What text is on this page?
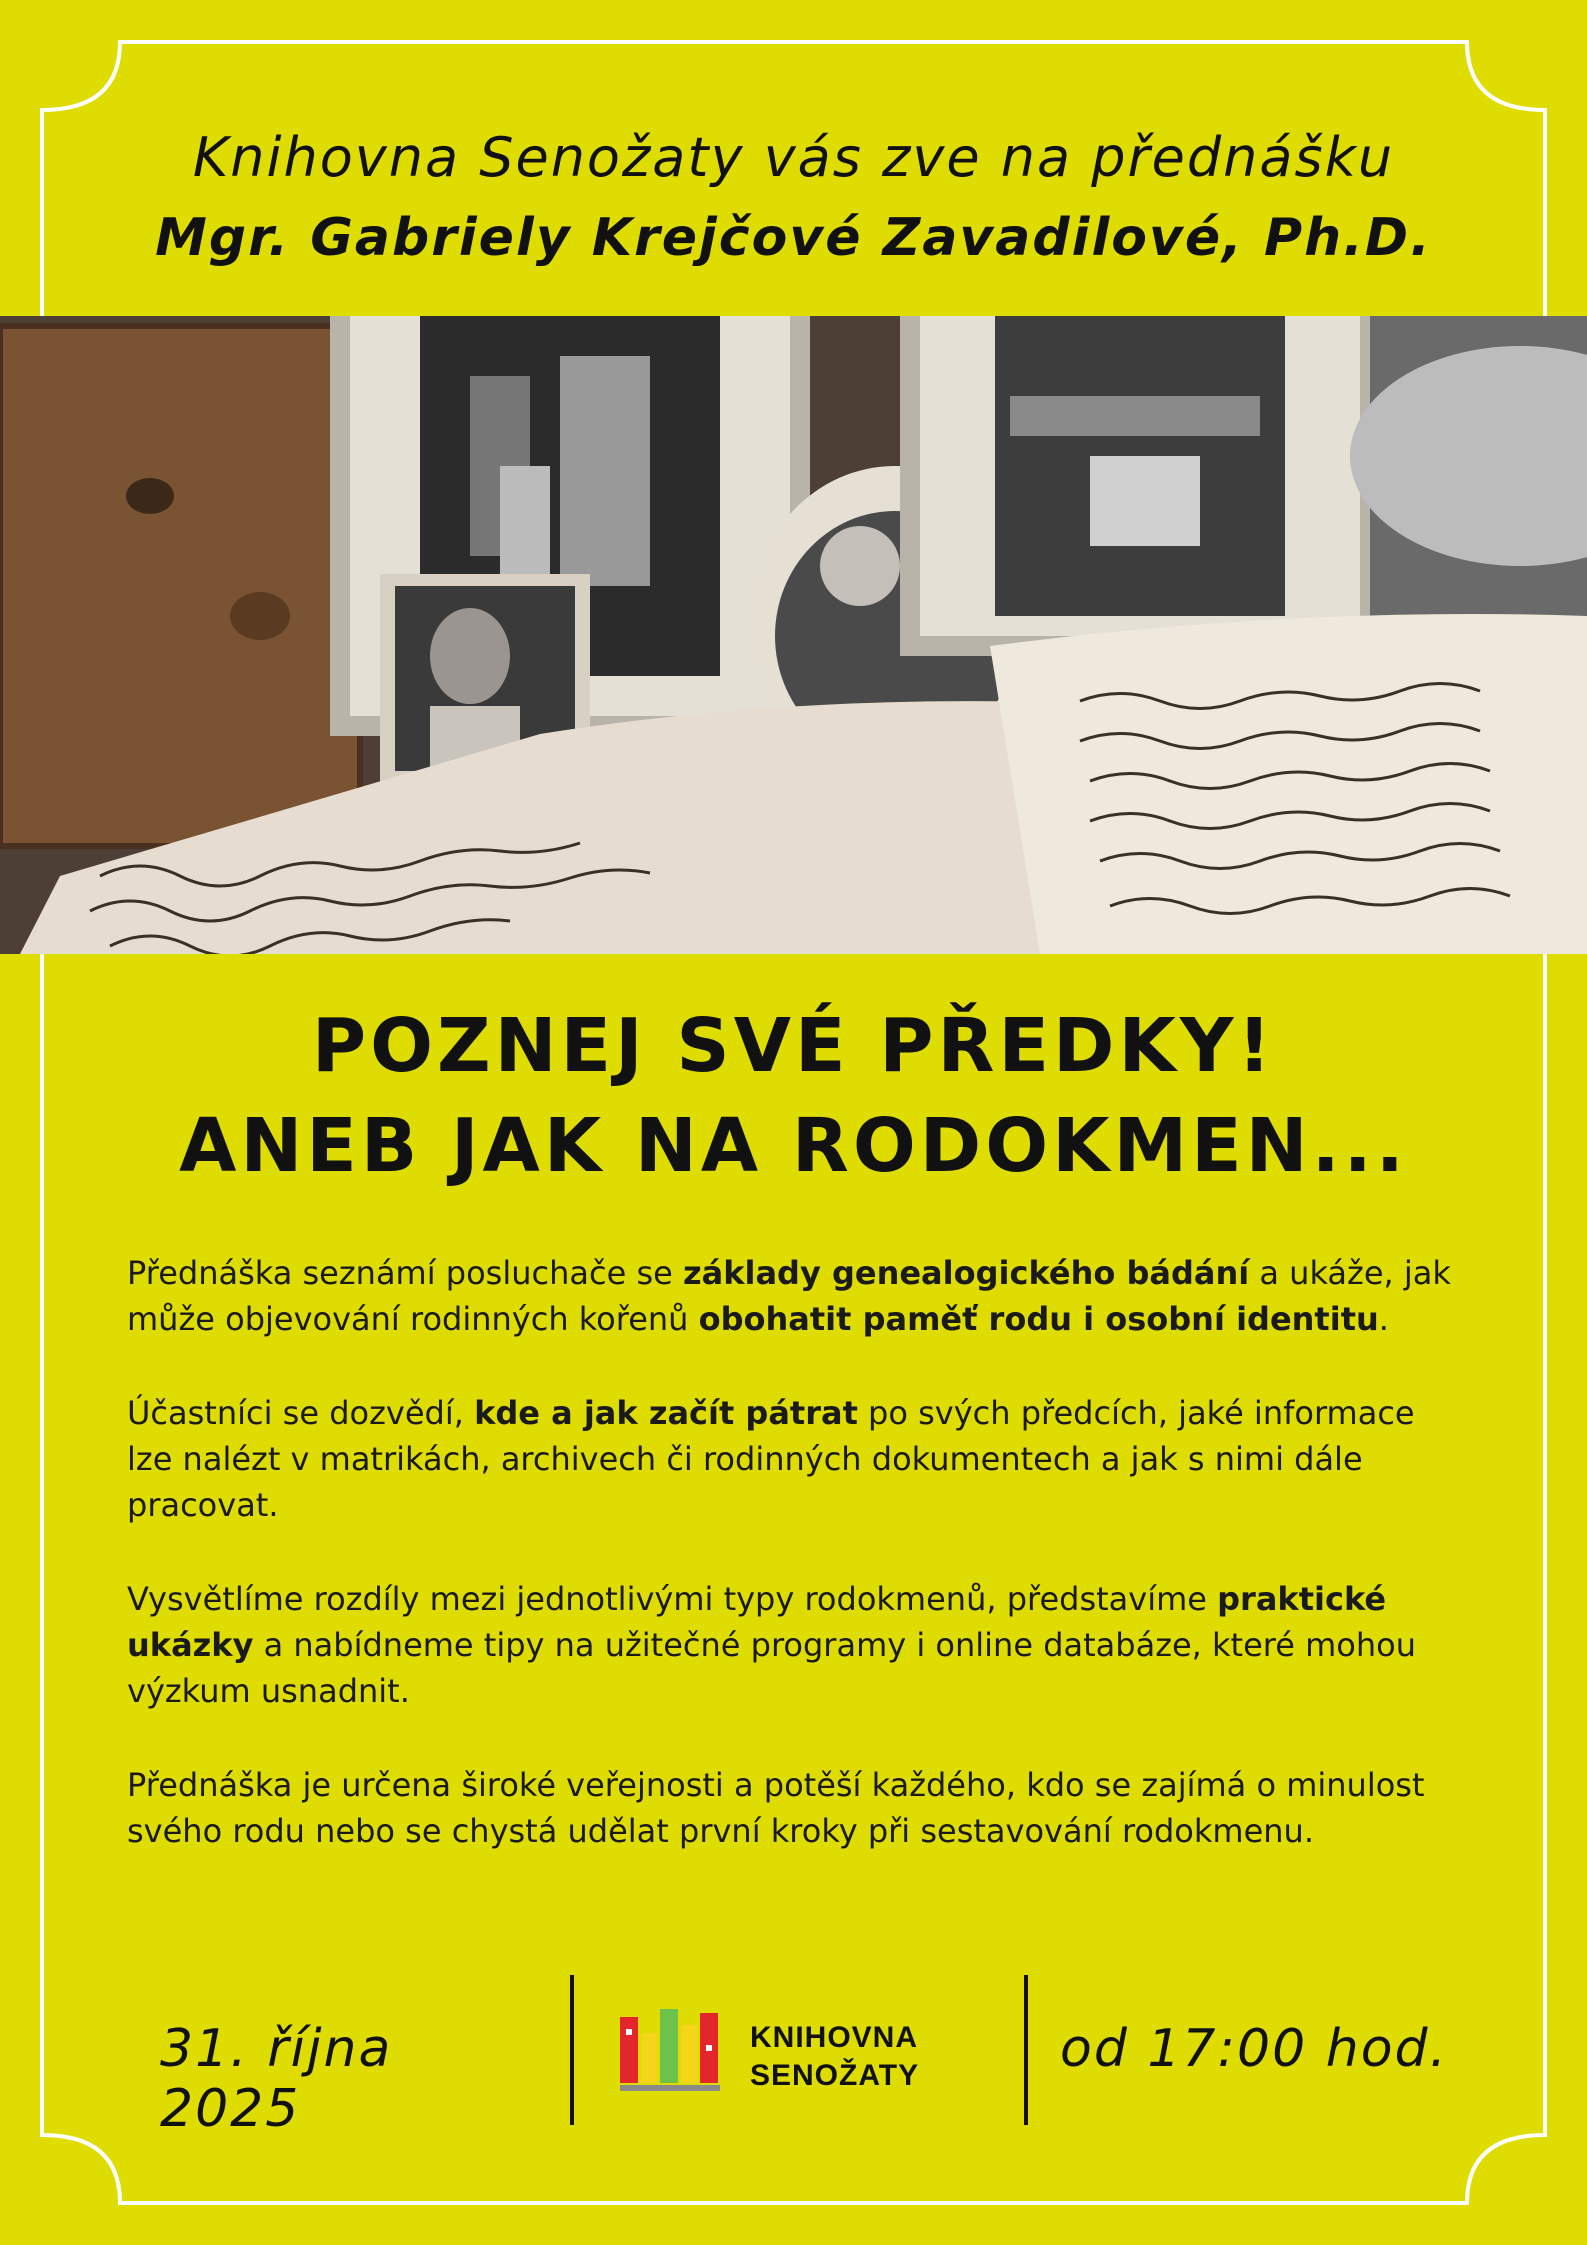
Knihovna Senožaty vás zve na přednášku
Mgr. Gabriely Krejčové Zavadilové, Ph.D.
POZNEJ SVÉ PŘEDKY!
ANEB JAK NA RODOKMEN...

Přednáška seznámí posluchače se základy genealogického bádání a ukáže, jak může objevování rodinných kořenů obohatit paměť rodu i osobní identitu.

Účastníci se dozvědí, kde a jak začít pátrat po svých předcích, jaké informace lze nalézt v matrikách, archivech či rodinných dokumentech a jak s nimi dále pracovat.

Vysvětlíme rozdíly mezi jednotlivými typy rodokmenů, představíme praktické ukázky a nabídneme tipy na užitečné programy i online databáze, které mohou výzkum usnadnit.

Přednáška je určena široké veřejnosti a potěší každého, kdo se zajímá o minulost svého rodu nebo se chystá udělat první kroky při sestavování rodokmenu.

31. října 2025
KNIHOVNA
SENOŽATY	od 17:00 hod.
